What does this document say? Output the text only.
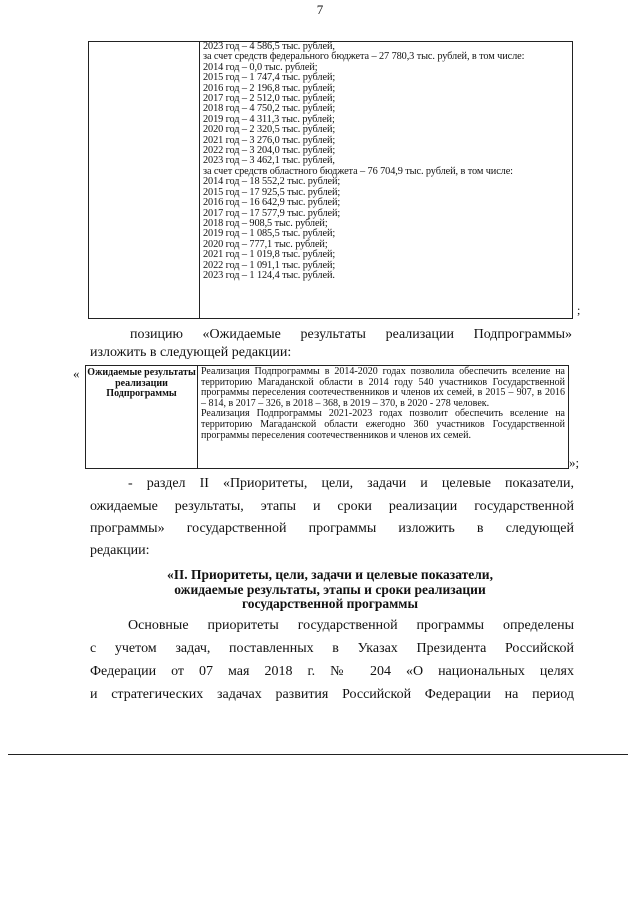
7
2023 год – 4 586,5 тыс. рублей,
за счет средств федерального бюджета – 27 780,3 тыс. рублей, в том числе:
2014 год – 0,0 тыс. рублей;
2015 год – 1 747,4 тыс. рублей;
2016 год – 2 196,8 тыс. рублей;
2017 год – 2 512,0 тыс. рублей;
2018 год – 4 750,2 тыс. рублей;
2019 год – 4 311,3 тыс. рублей;
2020 год – 2 320,5 тыс. рублей;
2021 год – 3 276,0 тыс. рублей;
2022 год – 3 204,0 тыс. рублей;
2023 год – 3 462,1 тыс. рублей,
за счет средств областного бюджета – 76 704,9 тыс. рублей, в том числе:
2014 год – 18 552,2 тыс. рублей;
2015 год – 17 925,5 тыс. рублей;
2016 год – 16 642,9 тыс. рублей;
2017 год – 17 577,9 тыс. рублей;
2018 год – 908,5 тыс. рублей;
2019 год – 1 085,5 тыс. рублей;
2020 год – 777,1 тыс. рублей;
2021 год – 1 019,8 тыс. рублей;
2022 год – 1 091,1 тыс. рублей;
2023 год – 1 124,4 тыс. рублей.
;
позицию «Ожидаемые результаты реализации Подпрограммы»
изложить в следующей редакции:
« Ожидаемые результаты реализации Подпрограммы

Реализация Подпрограммы в 2014-2020 годах позволила обеспечить вселение на территорию Магаданской области в 2014 году 540 участников Государственной программы переселения соотечественников и членов их семей, в 2015 – 907, в 2016 – 814, в 2017 – 326, в 2018 – 368, в 2019 – 370, в 2020 - 278 человек.

Реализация Подпрограммы 2021-2023 годах позволит обеспечить вселение на территорию Магаданской области ежегодно 360 участников Государственной программы переселения соотечественников и членов их семей.

»;
- раздел II «Приоритеты, цели, задачи и целевые показатели,
ожидаемые результаты, этапы и сроки реализации государственной
программы» государственной программы изложить в следующей
редакции:
«II. Приоритеты, цели, задачи и целевые показатели,
ожидаемые результаты, этапы и сроки реализации
государственной программы
Основные приоритеты государственной программы определены
с учетом задач, поставленных в Указах Президента Российской
Федерации от 07 мая 2018 г. № 204 «О национальных целях
и стратегических задачах развития Российской Федерации на период
